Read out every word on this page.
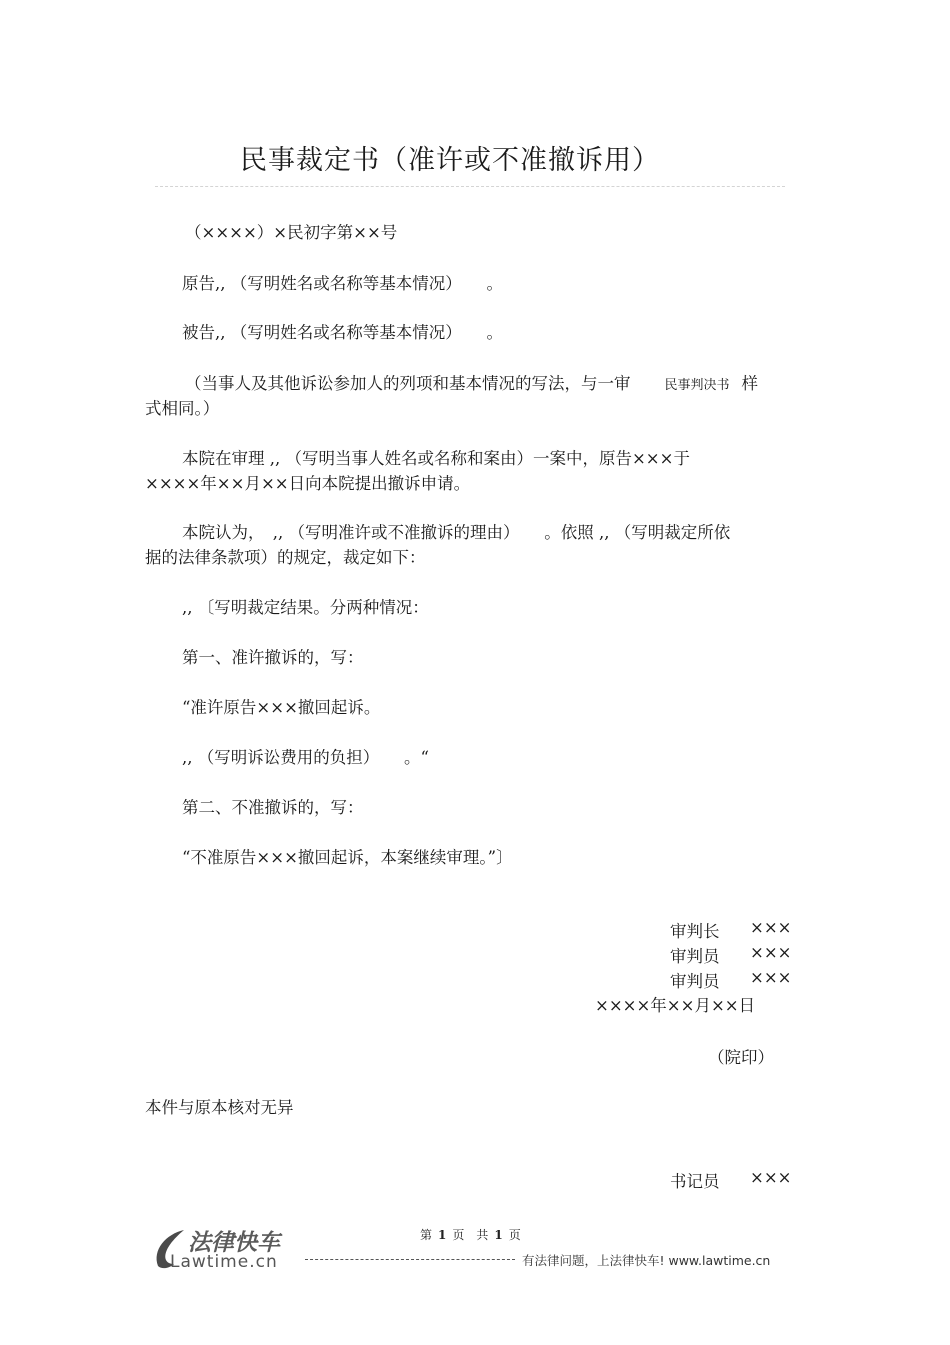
民事裁定书（准许或不准撤诉用）
（××××）×民初字第××号
原告,, （写明姓名或名称等基本情况）　　。
被告,, （写明姓名或名称等基本情况）　　。
（当事人及其他诉讼参加人的列项和基本情况的写法，与一审	民事判决书 样
式相同。）
本院在审理 ,, （写明当事人姓名或名称和案由）一案中，原告×××于
××××年××月××日向本院提出撤诉申请。
本院认为，　,, （写明准许或不准撤诉的理由）　　。依照 ,, （写明裁定所依
据的法律条款项）的规定，裁定如下：
,, 〔写明裁定结果。分两种情况：
第一、准许撤诉的，写：
“准许原告×××撤回起诉。
,, （写明诉讼费用的负担）　　。“
第二、不准撤诉的，写：
“不准原告×××撤回起诉，本案继续审理。”〕
审判长	×××
审判员	×××
审判员	×××
××××年××月××日
（院印）
本件与原本核对无异
书记员	×××
第 1 页　共 1 页
法律快车
Lawtime.cn	有法律问题，上法律快车! www.lawtime.cn
